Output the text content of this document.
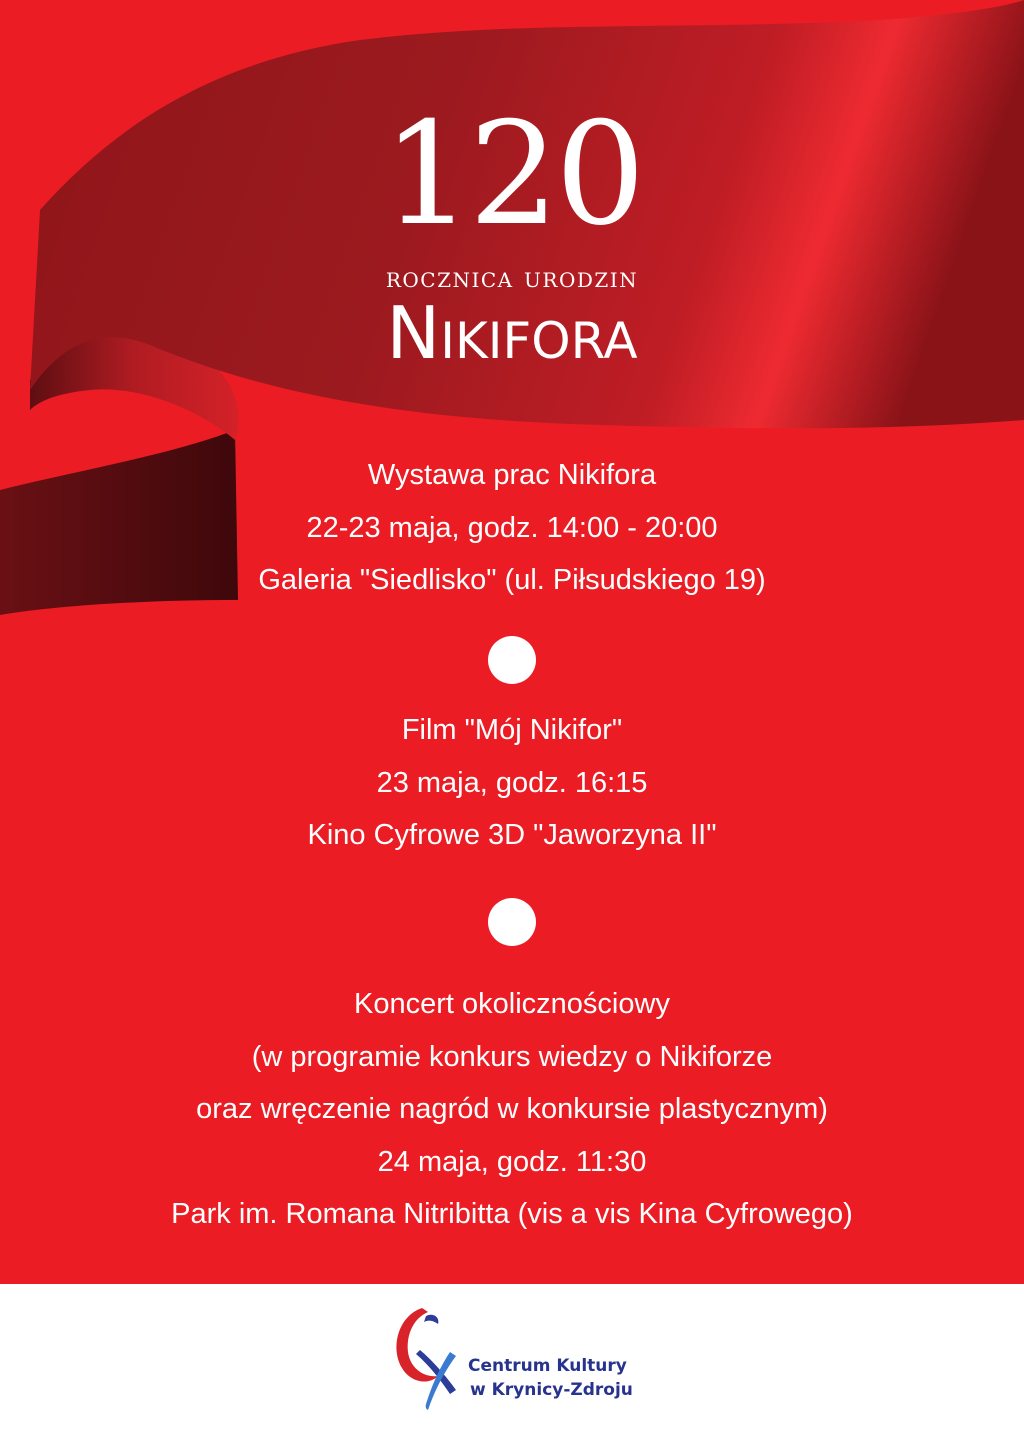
120
rocznica urodzin
Nikifora
Wystawa prac Nikifora
22-23 maja, godz. 14:00 - 20:00
Galeria "Siedlisko" (ul. Piłsudskiego 19)
Film "Mój Nikifor"
23 maja, godz. 16:15
Kino Cyfrowe 3D "Jaworzyna II"
Koncert okolicznościowy
(w programie konkurs wiedzy o Nikiforze
oraz wręczenie nagród w konkursie plastycznym)
24 maja, godz. 11:30
Park im. Romana Nitribitta (vis a vis Kina Cyfrowego)
Centrum Kultury
w Krynicy-Zdroju
